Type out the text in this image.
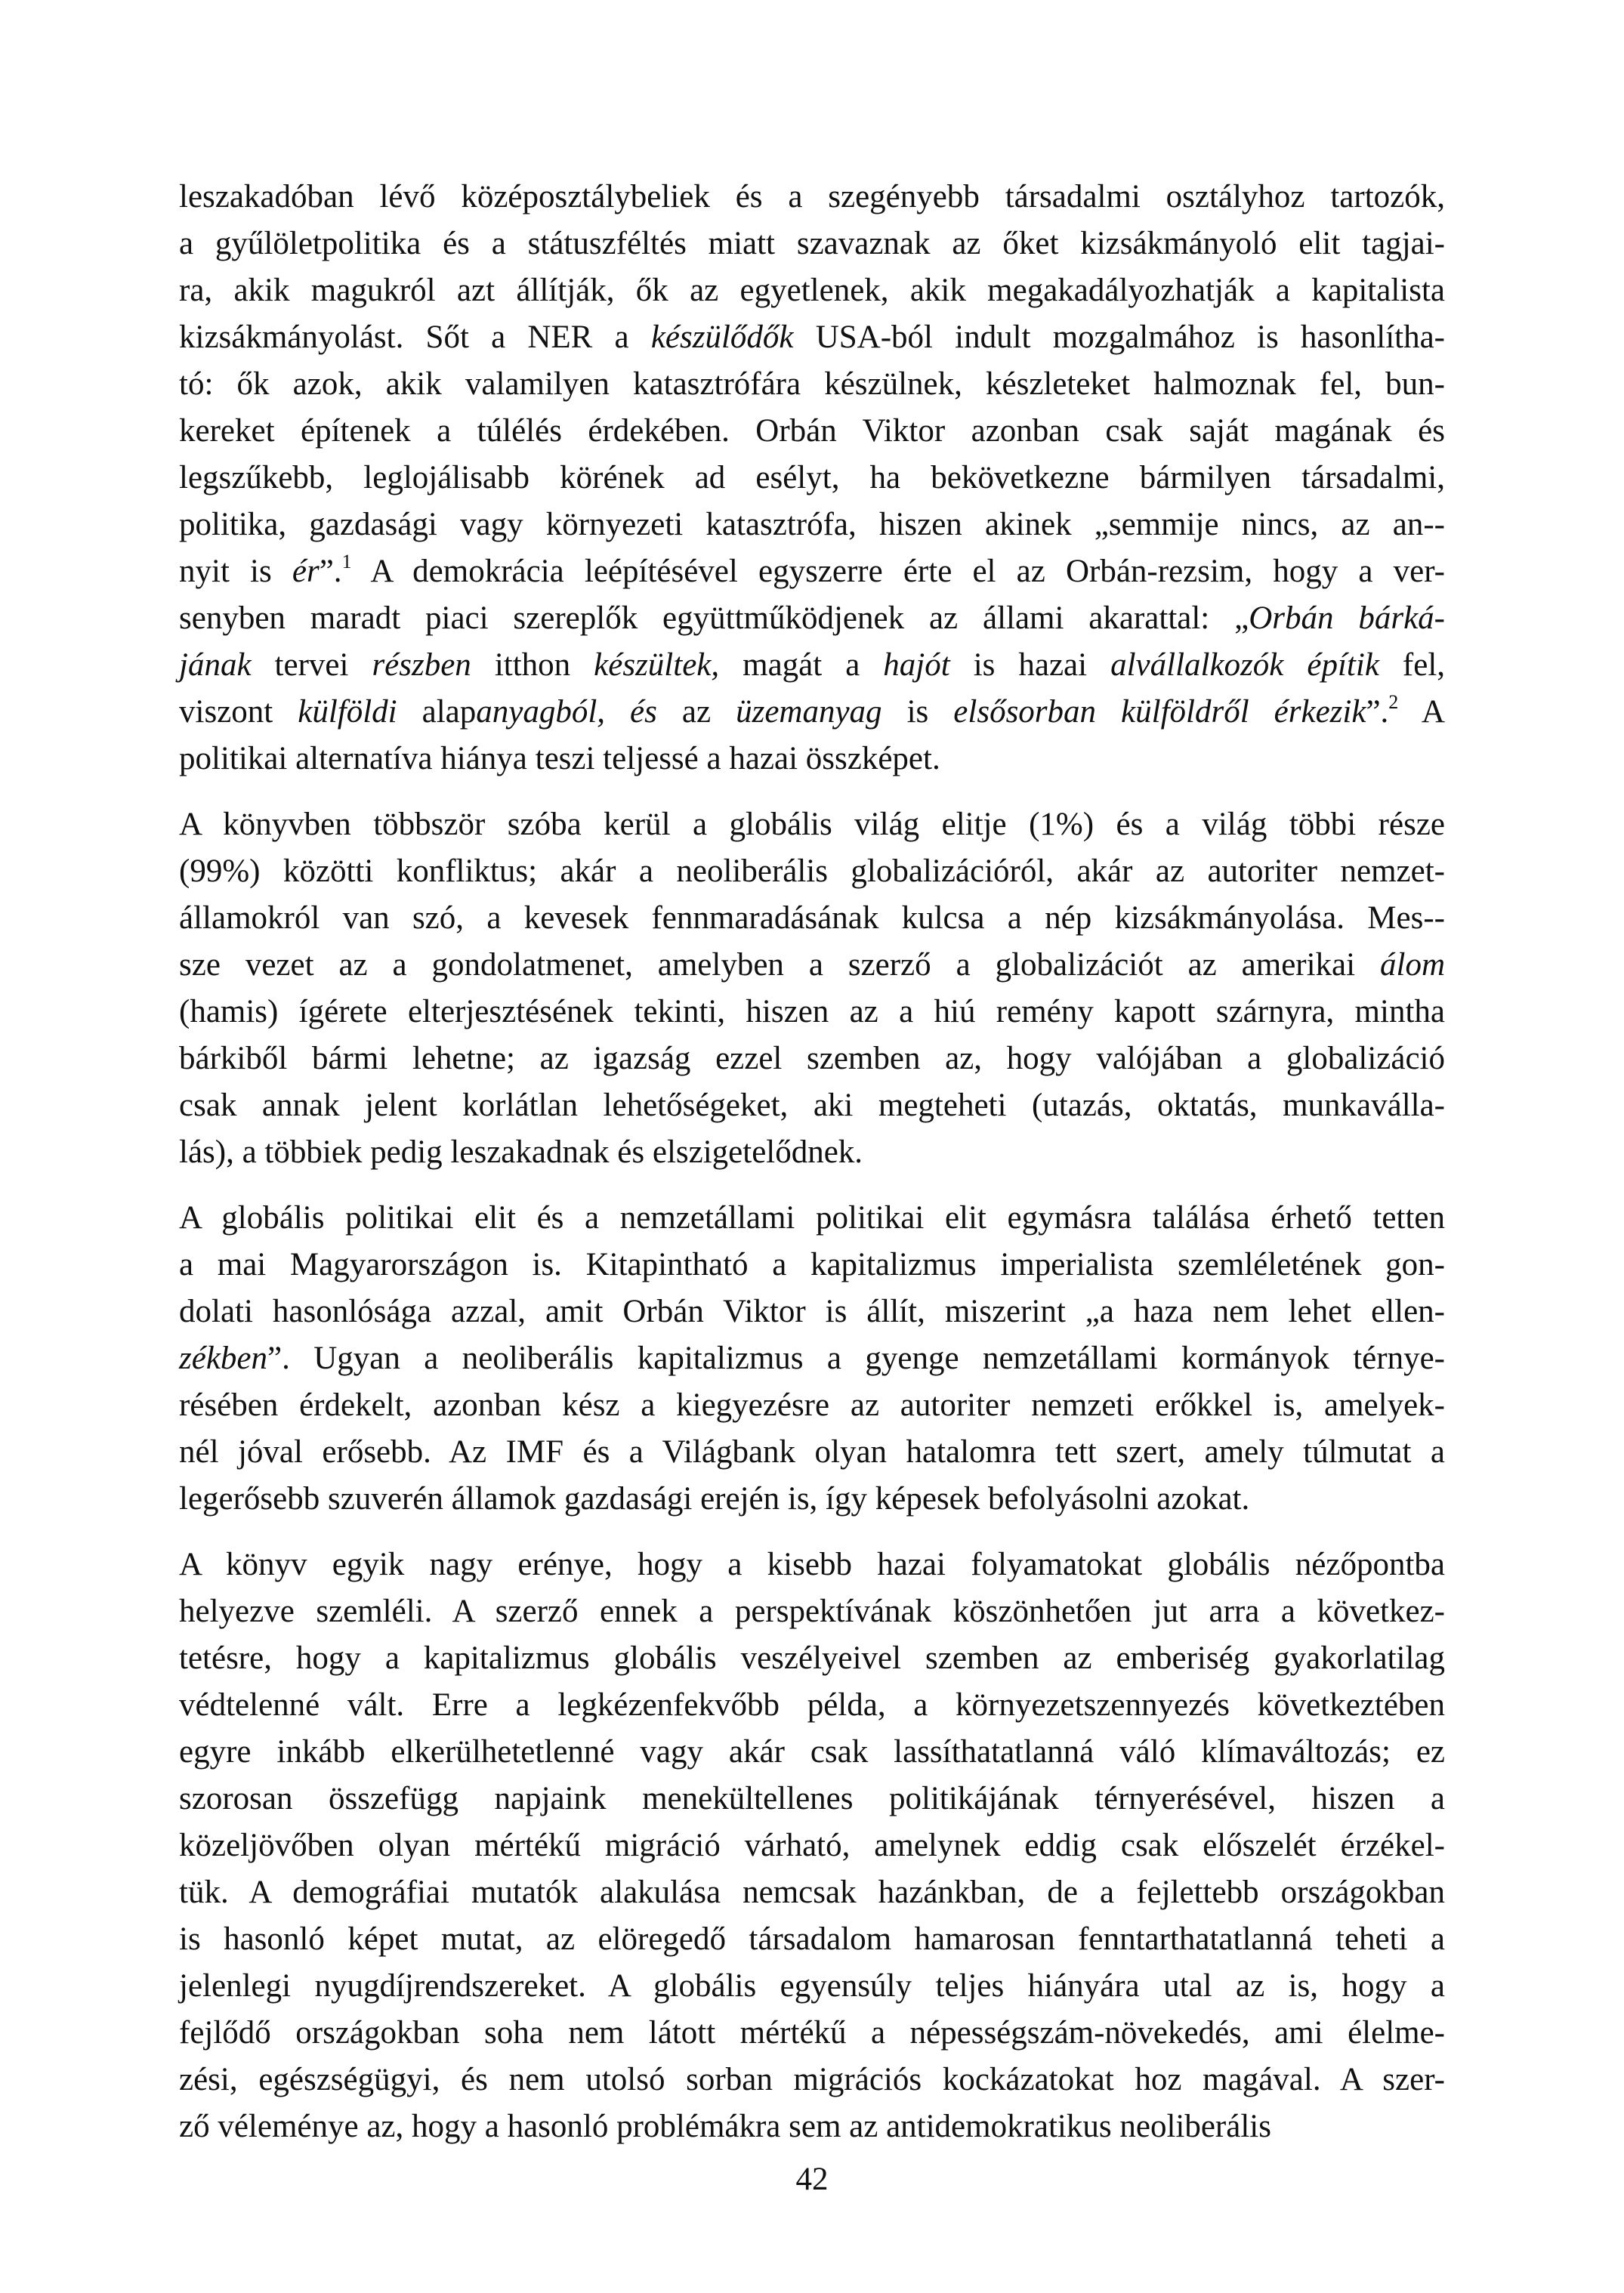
leszakadóban lévő középosztálybeliek és a szegényebb társadalmi osztályhoz tartozók,
a gyűlöletpolitika és a státuszféltés miatt szavaznak az őket kizsákmányoló elit tagjai-
ra, akik magukról azt állítják, ők az egyetlenek, akik megakadályozhatják a kapitalista
kizsákmányolást. Sőt a NER a készülődők USA-ból indult mozgalmához is hasonlítha-
tó: ők azok, akik valamilyen katasztrófára készülnek, készleteket halmoznak fel, bun-
kereket építenek a túlélés érdekében. Orbán Viktor azonban csak saját magának és
legszűkebb, leglojálisabb körének ad esélyt, ha bekövetkezne bármilyen társadalmi,
politika, gazdasági vagy környezeti katasztrófa, hiszen akinek „semmije nincs, az an--
nyit is ér”.$^1$ A demokrácia leépítésével egyszerre érte el az Orbán-rezsim, hogy a ver-
senyben maradt piaci szereplők együttműködjenek az állami akarattal: „Orbán bárká-
jának tervei részben itthon készültek, magát a hajót is hazai alvállalkozók építik fel,
viszont külföldi alapanyagból, és az üzemanyag is elsősorban külföldről érkezik”.$^2$ A
politikai alternatíva hiánya teszi teljessé a hazai összképet.
A könyvben többször szóba kerül a globális világ elitje (1%) és a világ többi része
(99%) közötti konfliktus; akár a neoliberális globalizációról, akár az autoriter nemzet-
államokról van szó, a kevesek fennmaradásának kulcsa a nép kizsákmányolása. Mes--
sze vezet az a gondolatmenet, amelyben a szerző a globalizációt az amerikai álom
(hamis) ígérete elterjesztésének tekinti, hiszen az a hiú remény kapott szárnyra, mintha
bárkiből bármi lehetne; az igazság ezzel szemben az, hogy valójában a globalizáció
csak annak jelent korlátlan lehetőségeket, aki megteheti (utazás, oktatás, munkaválla-
lás), a többiek pedig leszakadnak és elszigetelődnek.
A globális politikai elit és a nemzetállami politikai elit egymásra találása érhető tetten
a mai Magyarországon is. Kitapintható a kapitalizmus imperialista szemléletének gon-
dolati hasonlósága azzal, amit Orbán Viktor is állít, miszerint „a haza nem lehet ellen-
zékben”. Ugyan a neoliberális kapitalizmus a gyenge nemzetállami kormányok térnye-
résében érdekelt, azonban kész a kiegyezésre az autoriter nemzeti erőkkel is, amelyek-
nél jóval erősebb. Az IMF és a Világbank olyan hatalomra tett szert, amely túlmutat a
legerősebb szuverén államok gazdasági erején is, így képesek befolyásolni azokat.
A könyv egyik nagy erénye, hogy a kisebb hazai folyamatokat globális nézőpontba
helyezve szemléli. A szerző ennek a perspektívának köszönhetően jut arra a következ-
tetésre, hogy a kapitalizmus globális veszélyeivel szemben az emberiség gyakorlatilag
védtelenné vált. Erre a legkézenfekvőbb példa, a környezetszennyezés következtében
egyre inkább elkerülhetetlenné vagy akár csak lassíthatatlanná váló klímaváltozás; ez
szorosan összefügg napjaink menekültellenes politikájának térnyerésével, hiszen a
közeljövőben olyan mértékű migráció várható, amelynek eddig csak előszelét érzékel-
tük. A demográfiai mutatók alakulása nemcsak hazánkban, de a fejlettebb országokban
is hasonló képet mutat, az elöregedő társadalom hamarosan fenntarthatatlanná teheti a
jelenlegi nyugdíjrendszereket. A globális egyensúly teljes hiányára utal az is, hogy a
fejlődő országokban soha nem látott mértékű a népességszám-növekedés, ami élelme-
zési, egészségügyi, és nem utolsó sorban migrációs kockázatokat hoz magával. A szer-
ző véleménye az, hogy a hasonló problémákra sem az antidemokratikus neoliberális
42
